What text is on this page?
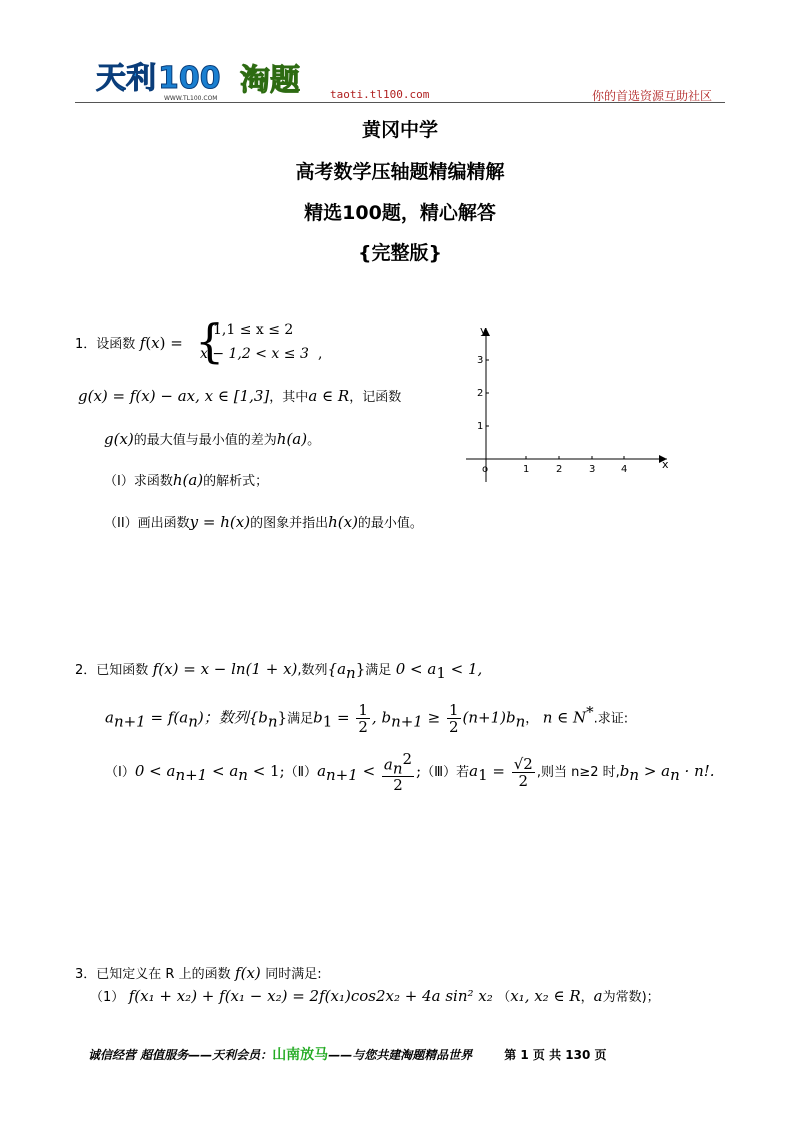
天利 100 淘题
WWW.TL100.COM	taoti.tl100.com	你的首选资源互助社区
黄冈中学
高考数学压轴题精编精解
精选100题，精心解答
{完整版}
1．设函数 f(x) = {
1,1 ≤ x ≤ 2
x − 1,2 < x ≤ 3 ,
g(x) = f(x) − ax, x ∈ [1,3]，其中a ∈ R，记函数
g(x)的最大值与最小值的差为h(a)。
（I）求函数h(a)的解析式；
（II）画出函数y = h(x)的图象并指出h(x)的最小值。
x
y
o	1	2	3	4
1
2
3
2．已知函数 f(x) = x − ln(1 + x),数列$\{a_n\}$满足 $0 < a_1 < 1$,
$a_{n+1} = f(a_n)$；数列$\{b_n\}$满足$b_1 = \frac{1}{2}$ , $b_{n+1} \ge \frac{1}{2} (n+1)b_n$， n ∈ N*.求证:
（Ⅰ）0 < $a_{n+1} < a_n$ < $1;(Ⅱ)a_{n+1} < \frac{a_n^2}{2}$ ;（Ⅲ）若$a_1 = \frac{√2}{2}$ ,则当 n≥2 时$,b_n > a_n \cdot n$!.
3．已知定义在 R 上的函数 f(x) 同时满足:
（1） f(x₁ + x₂) + f(x₁ − x₂) = 2f(x₁)cos2x₂ + 4a sin² x₂ （x₁, x₂ ∈ R，a为常数)；
诚信经营 超值服务——天利会员：山南放马——与您共建淘题精品世界	第 1 页 共 130 页
